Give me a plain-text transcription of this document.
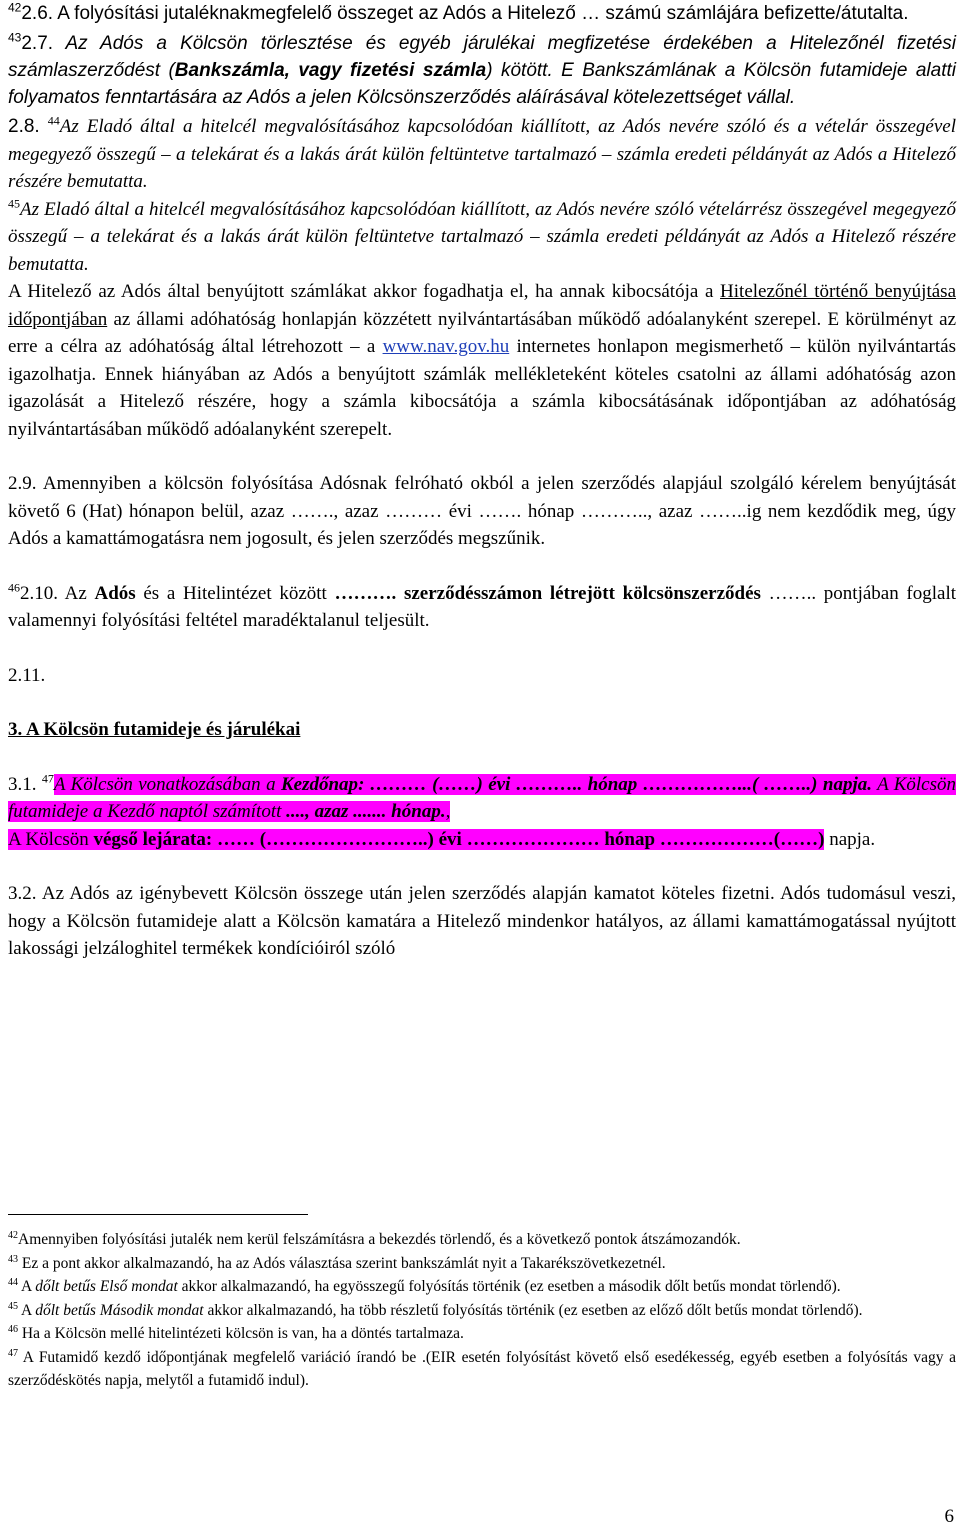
$^{42}$2.6. A folyósítási jutaléknakmegfelelő összeget az Adós a Hitelező … számú számlájára befizette/átutalta.

$^{43}$2.7. Az Adós a Kölcsön törlesztése és egyéb járulékai megfizetése érdekében a Hitelezőnél fizetési számlaszerződést (Bankszámla, vagy fizetési számla) kötött. E Bankszámlának a Kölcsön futamideje alatti folyamatos fenntartására az Adós a jelen Kölcsönszerződés aláírásával kötelezettséget vállal.

2.8. $^{44}$Az Eladó által a hitelcél megvalósításához kapcsolódóan kiállított, az Adós nevére szóló és a vételár összegével megegyező összegű – a telekárat és a lakás árát külön feltüntetve tartalmazó – számla eredeti példányát az Adós a Hitelező részére bemutatta.

$^{45}$Az Eladó által a hitelcél megvalósításához kapcsolódóan kiállított, az Adós nevére szóló vételárrész összegével megegyező összegű – a telekárat és a lakás árát külön feltüntetve tartalmazó – számla eredeti példányát az Adós a Hitelező részére bemutatta.

A Hitelező az Adós által benyújtott számlákat akkor fogadhatja el, ha annak kibocsátója a Hitelezőnél történő benyújtása időpontjában az állami adóhatóság honlapján közzétett nyilvántartásában működő adóalanyként szerepel. E körülményt az erre a célra az adóhatóság által létrehozott – a www.nav.gov.hu internetes honlapon megismerhető – külön nyilvántartás igazolhatja. Ennek hiányában az Adós a benyújtott számlák mellékleteként köteles csatolni az állami adóhatóság azon igazolását a Hitelező részére, hogy a számla kibocsátója a számla kibocsátásának időpontjában az adóhatóság nyilvántartásában működő adóalanyként szerepelt.

2.9. Amennyiben a kölcsön folyósítása Adósnak felróható okból a jelen szerződés alapjául szolgáló kérelem benyújtását követő 6 (Hat) hónapon belül, azaz ……., azaz ……… évi ……. hónap ……….., azaz ……..ig nem kezdődik meg, úgy Adós a kamattámogatásra nem jogosult, és jelen szerződés megszűnik.

$^{46}$2.10. Az Adós és a Hitelintézet között ………. szerződésszámon létrejött kölcsönszerződés …….. pontjában foglalt valamennyi folyósítási feltétel maradéktalanul teljesült.

2.11.

3. A Kölcsön futamideje és járulékai

3.1. $^{47}$A Kölcsön vonatkozásában a Kezdőnap: ……… (……) évi ……….. hónap ……………...( ……..) napja. A Kölcsön futamideje a Kezdő naptól számított ...., azaz ....... hónap.,

A Kölcsön végső lejárata: …… (……………………..) évi ………………… hónap ………………(……) napja.

3.2. Az Adós az igénybevett Kölcsön összege után jelen szerződés alapján kamatot köteles fizetni. Adós tudomásul veszi, hogy a Kölcsön futamideje alatt a Kölcsön kamatára a Hitelező mindenkor hatályos, az állami kamattámogatással nyújtott lakossági jelzáloghitel termékek kondícióiról szóló

$^{42}$Amennyiben folyósítási jutalék nem kerül felszámításra a bekezdés törlendő, és a következő pontok átszámozandók.

$^{43}$ Ez a pont akkor alkalmazandó, ha az Adós választása szerint bankszámlát nyit a Takarékszövetkezetnél.

$^{44}$ A dőlt betűs Első mondat akkor alkalmazandó, ha egyösszegű folyósítás történik (ez esetben a második dőlt betűs mondat törlendő).

$^{45}$ A dőlt betűs Második mondat akkor alkalmazandó, ha több részletű folyósítás történik (ez esetben az előző dőlt betűs mondat törlendő).

$^{46}$ Ha a Kölcsön mellé hitelintézeti kölcsön is van, ha a döntés tartalmaza.

$^{47}$ A Futamidő kezdő időpontjának megfelelő variáció írandó be .(EIR esetén folyósítást követő első esedékesség, egyéb esetben a folyósítás vagy a szerződéskötés napja, melytől a futamidő indul).

6
